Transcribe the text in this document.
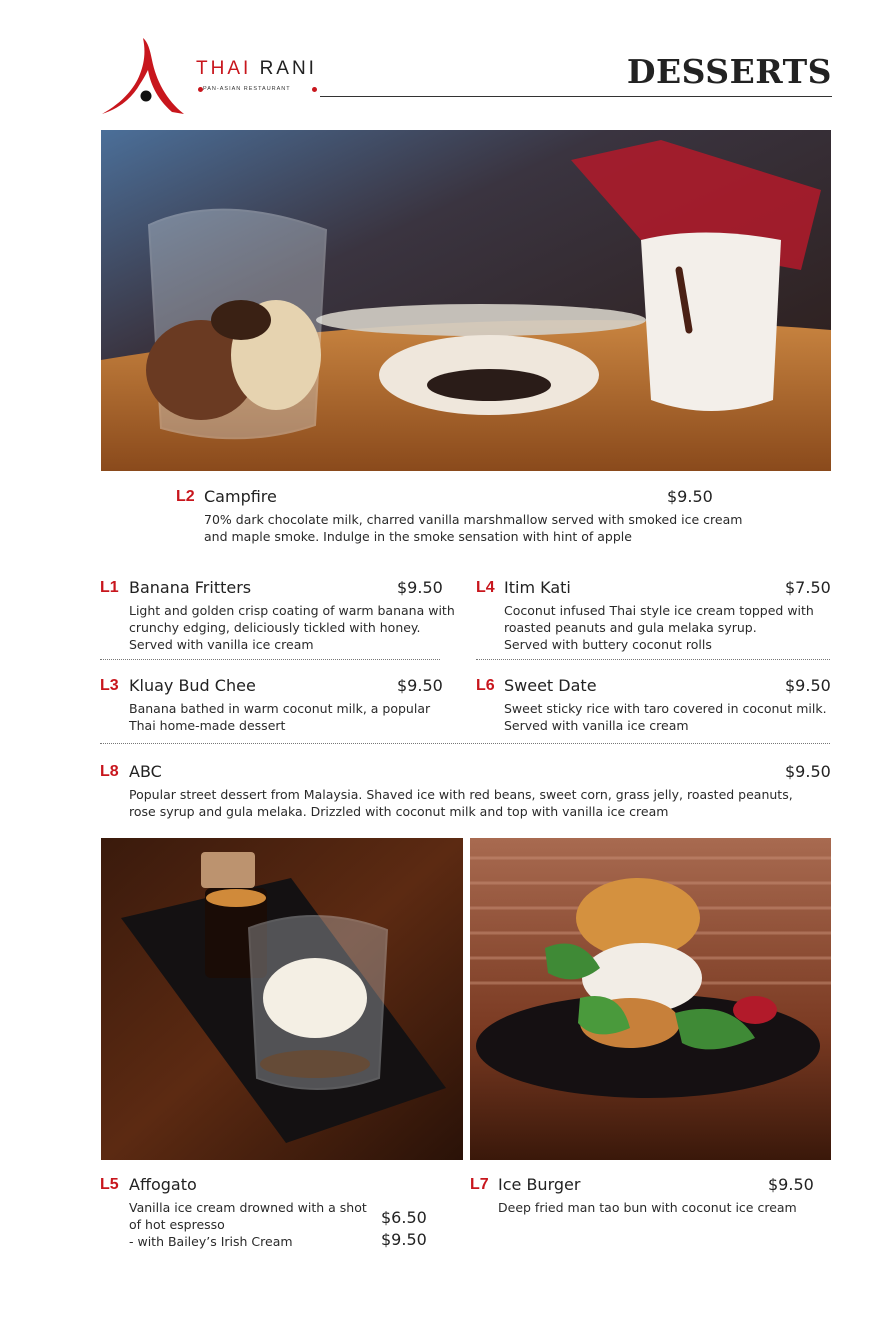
THAI RANI
PAN-ASIAN RESTAURANT	DESSERTS
L2 Campfire	$9.50
70% dark chocolate milk, charred vanilla marshmallow served with smoked ice cream
and maple smoke. Indulge in the smoke sensation with hint of apple
L1 Banana Fritters	$9.50
Light and golden crisp coating of warm banana with
crunchy edging, deliciously tickled with honey.
Served with vanilla ice cream
L4 Itim Kati	$7.50
Coconut infused Thai style ice cream topped with
roasted peanuts and gula melaka syrup.
Served with buttery coconut rolls
L3 Kluay Bud Chee	$9.50
Banana bathed in warm coconut milk, a popular
Thai home-made dessert
L6 Sweet Date	$9.50
Sweet sticky rice with taro covered in coconut milk.
Served with vanilla ice cream
L8 ABC	$9.50
Popular street dessert from Malaysia. Shaved ice with red beans, sweet corn, grass jelly, roasted peanuts,
rose syrup and gula melaka. Drizzled with coconut milk and top with vanilla ice cream
L5 Affogato
Vanilla ice cream drowned with a shot
of hot espresso
- with Bailey’s Irish Cream
$6.50
$9.50
L7 Ice Burger	$9.50
Deep fried man tao bun with coconut ice cream
